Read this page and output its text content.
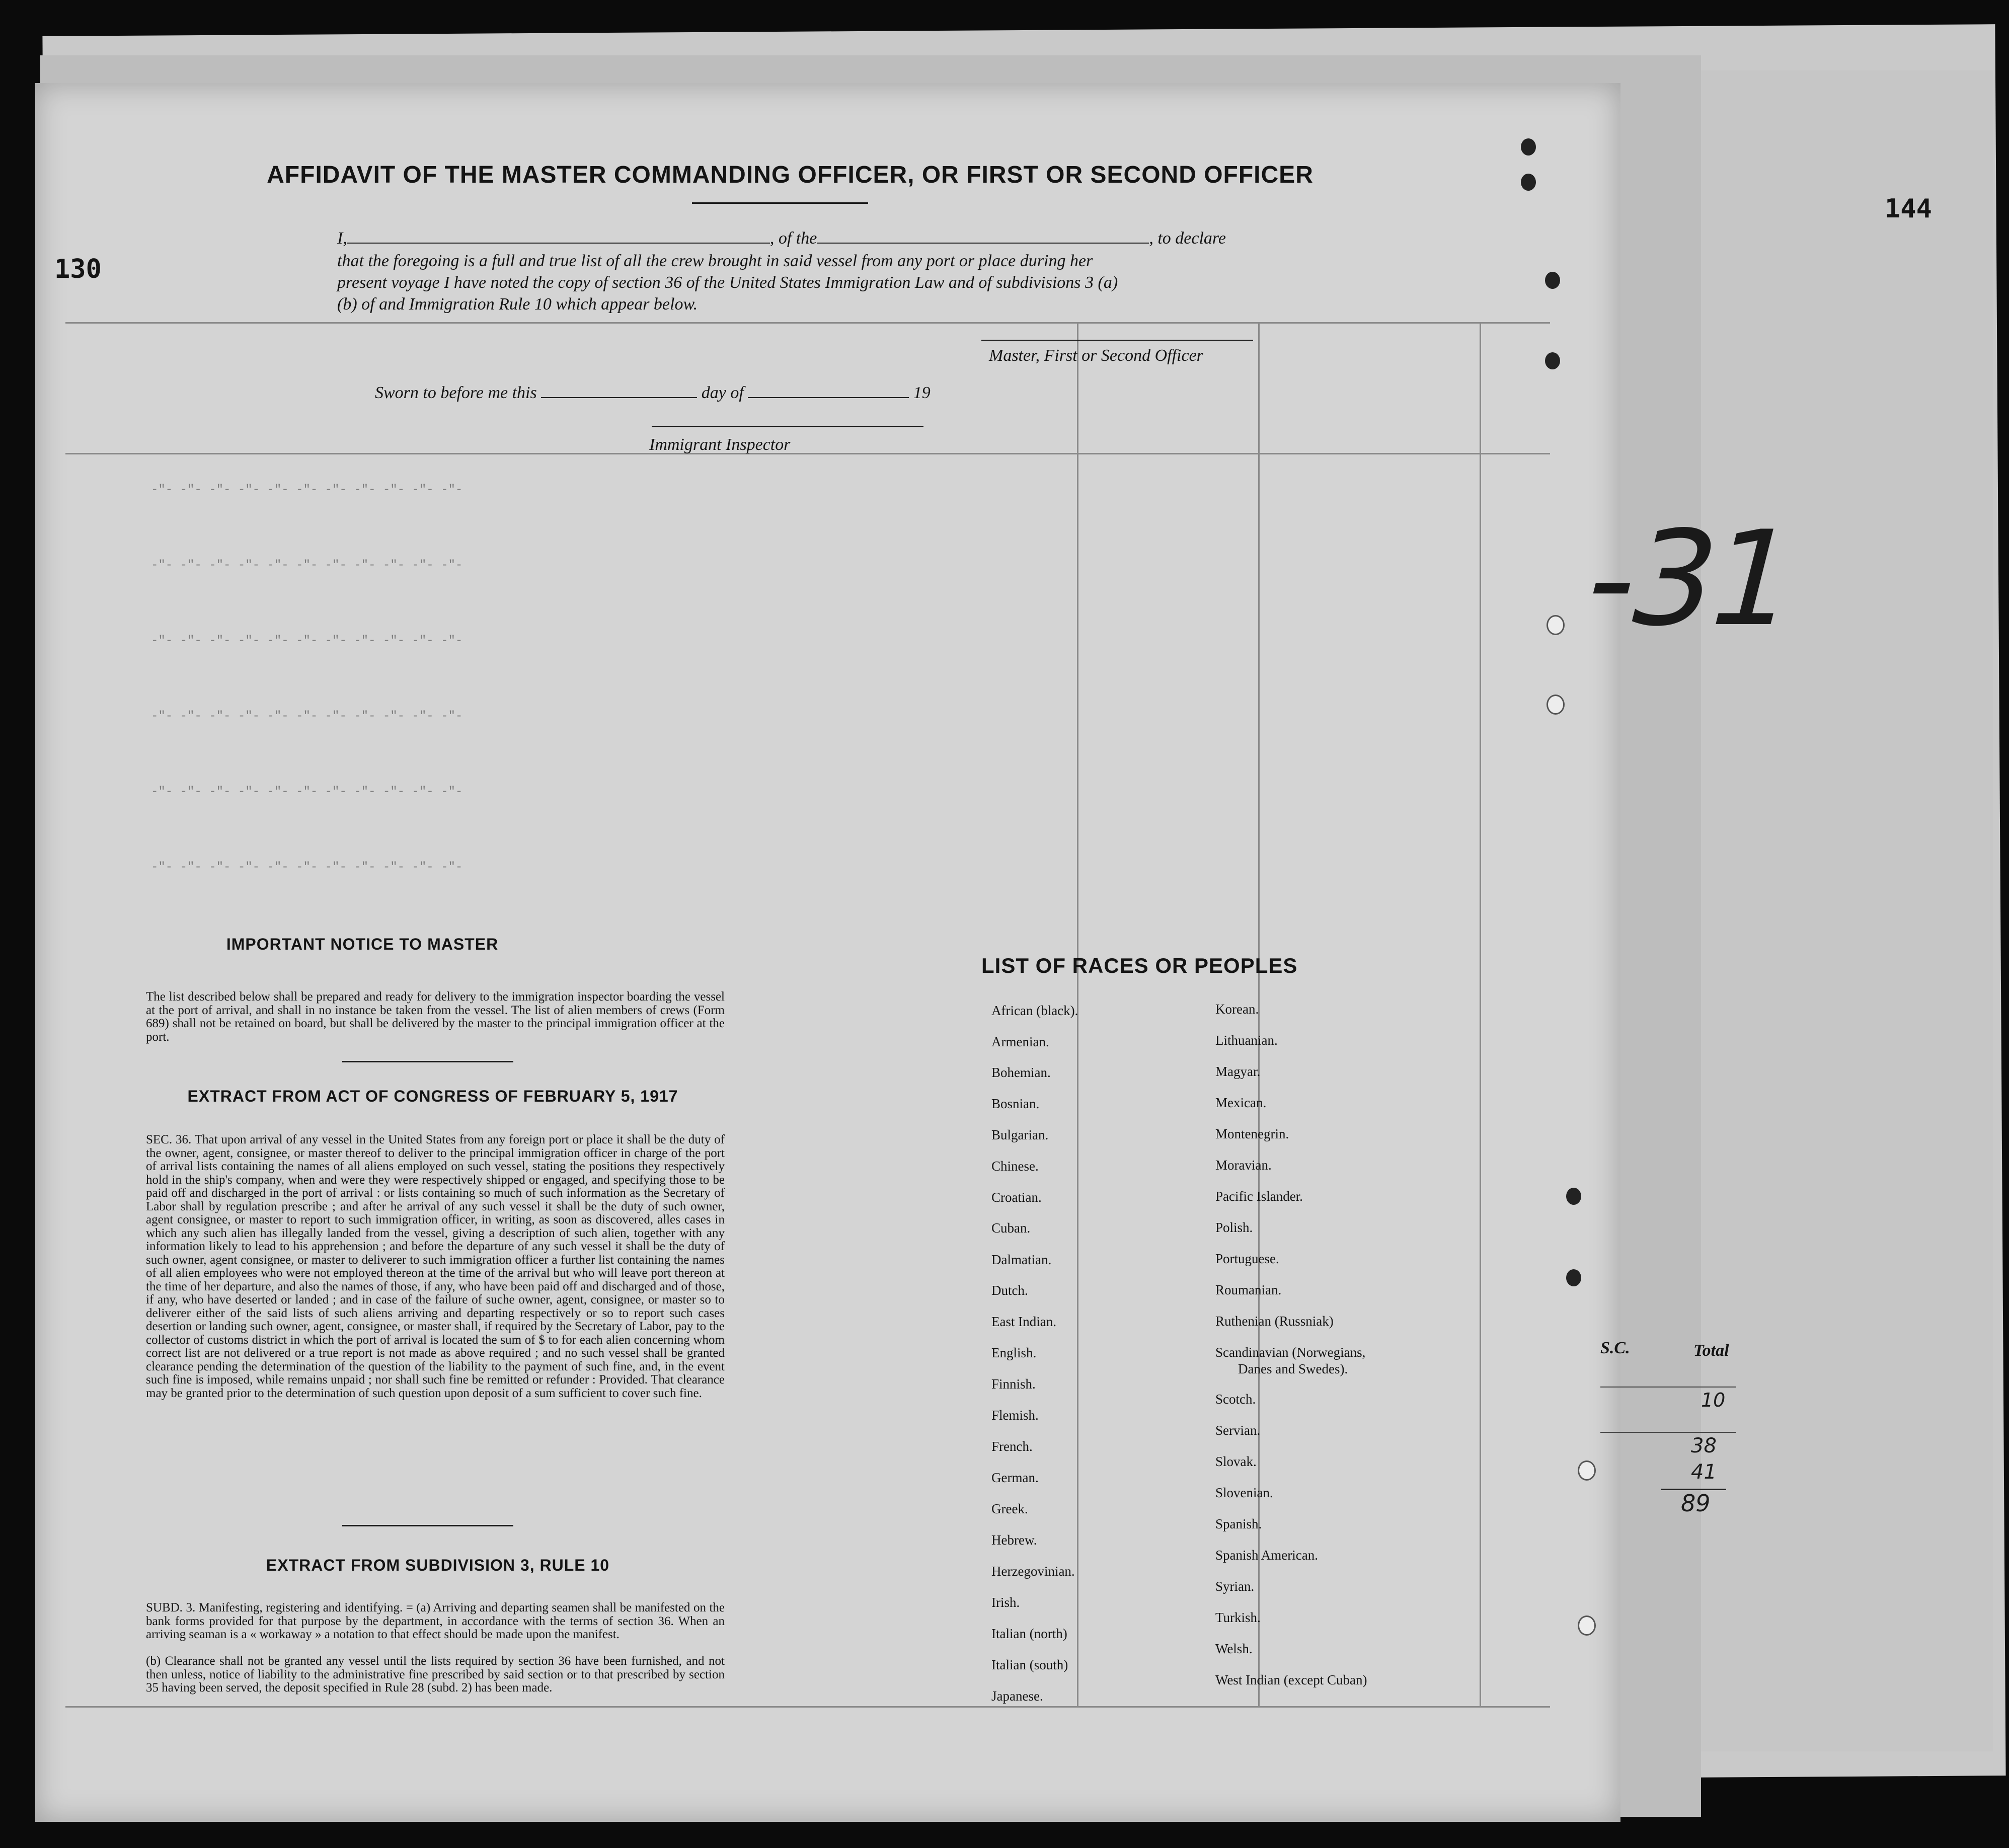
-"- -"- -"- -"- -"- -"- -"- -"- -"- -"- -"-
-"- -"- -"- -"- -"- -"- -"- -"- -"- -"- -"-
-"- -"- -"- -"- -"- -"- -"- -"- -"- -"- -"-
-"- -"- -"- -"- -"- -"- -"- -"- -"- -"- -"-
-"- -"- -"- -"- -"- -"- -"- -"- -"- -"- -"-
-"- -"- -"- -"- -"- -"- -"- -"- -"- -"- -"-
144
130
-31
AFFIDAVIT OF THE MASTER COMMANDING OFFICER, OR FIRST OR SECOND OFFICER
I,	, of the	, to declare
that the foregoing is a full and true list of all the crew brought in said vessel from any port or place during her
present voyage I have noted the copy of section 36 of the United States Immigration Law and of subdivisions 3 (a)
(b) of and Immigration Rule 10 which appear below.
Master, First or Second Officer
Sworn to before me this	day of	19
Immigrant Inspector
IMPORTANT NOTICE TO MASTER
The list described below shall be prepared and ready for delivery to the immigration inspector boarding the vessel at the port of arrival, and shall in no instance be taken from the vessel. The list of alien members of crews (Form 689) shall not be retained on board, but shall be delivered by the master to the principal immigration officer at the port.
EXTRACT FROM ACT OF CONGRESS OF FEBRUARY 5, 1917
SEC. 36. That upon arrival of any vessel in the United States from any foreign port or place it shall be the duty of the owner, agent, consignee, or master thereof to deliver to the principal immigration officer in charge of the port of arrival lists containing the names of all aliens employed on such vessel, stating the positions they respectively hold in the ship's company, when and were they were respectively shipped or engaged, and specifying those to be paid off and discharged in the port of arrival : or lists containing so much of such information as the Secretary of Labor shall by regulation prescribe ; and after he arrival of any such vessel it shall be the duty of such owner, agent consignee, or master to report to such immigration officer, in writing, as soon as discovered, alles cases in which any such alien has illegally landed from the vessel, giving a description of such alien, together with any information likely to lead to his apprehension ; and before the departure of any such vessel it shall be the duty of such owner, agent consignee, or master to deliverer to such immigration officer a further list containing the names of all alien employees who were not employed thereon at the time of the arrival but who will leave port thereon at the time of her departure, and also the names of those, if any, who have been paid off and discharged and of those, if any, who have deserted or landed ; and in case of the failure of suche owner, agent, consignee, or master so to deliverer either of the said lists of such aliens arriving and departing respectively or so to report such cases desertion or landing such owner, agent, consignee, or master shall, if required by the Secretary of Labor, pay to the collector of customs district in which the port of arrival is located the sum of $ to for each alien concerning whom correct list are not delivered or a true report is not made as above required ; and no such vessel shall be granted clearance pending the determination of the question of the liability to the payment of such fine, and, in the event such fine is imposed, while remains unpaid ; nor shall such fine be remitted or refunder : Provided. That clearance may be granted prior to the determination of such question upon deposit of a sum sufficient to cover such fine.
EXTRACT FROM SUBDIVISION 3, RULE 10
SUBD. 3. Manifesting, registering and identifying. = (a) Arriving and departing seamen shall be manifested on the bank forms provided for that purpose by the department, in accordance with the terms of section 36. When an arriving seaman is a « workaway » a notation to that effect should be made upon the manifest.
(b) Clearance shall not be granted any vessel until the lists required by section 36 have been furnished, and not then unless, notice of liability to the administrative fine prescribed by said section or to that prescribed by section 35 having been served, the deposit specified in Rule 28 (subd. 2) has been made.
LIST OF RACES OR PEOPLES
African (black).
Armenian.
Bohemian.
Bosnian.
Bulgarian.
Chinese.
Croatian.
Cuban.
Dalmatian.
Dutch.
East Indian.
English.
Finnish.
Flemish.
French.
German.
Greek.
Hebrew.
Herzegovinian.
Irish.
Italian (north)
Italian (south)
Japanese.
Korean.
Lithuanian.
Magyar.
Mexican.
Montenegrin.
Moravian.
Pacific Islander.
Polish.
Portuguese.
Roumanian.
Ruthenian (Russniak)
Scandinavian (Norwegians,
Danes and Swedes).
Scotch.
Servian.
Slovak.
Slovenian.
Spanish.
Spanish American.
Syrian.
Turkish.
Welsh.
West Indian (except Cuban)
S.C.	Total
10
38
41
89
